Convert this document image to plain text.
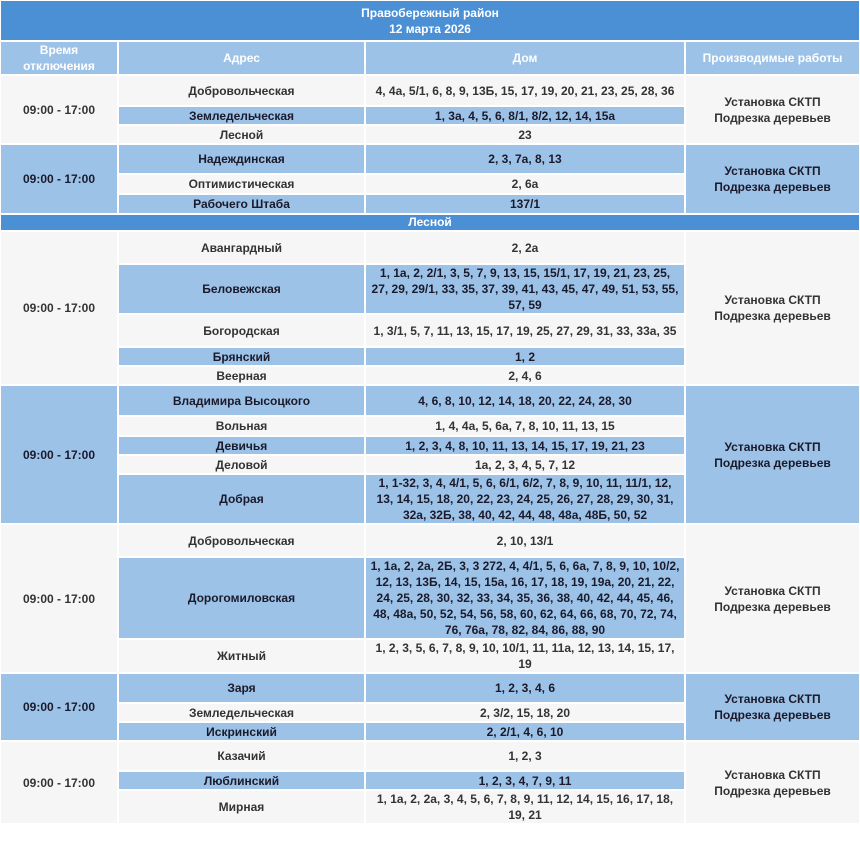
Правобережный район
12 марта 2026			

Время отключения	Адрес	Дом	Производимые работы
09:00 - 17:00	Добровольческая	4, 4а, 5/1, 6, 8, 9, 13Б, 15, 17, 19, 20, 21, 23, 25, 28, 36	Установка СКТП
Подрезка деревьев

	Земледельческая	1, 3а, 4, 5, 6, 8/1, 8/2, 12, 14, 15а	
	Лесной	23	
09:00 - 17:00	Надеждинская	2, 3, 7а, 8, 13	Установка СКТП
Подрезка деревьев

	Оптимистическая	2, 6а	
	Рабочего Штаба	137/1	
Лесной			
09:00 - 17:00	Авангардный	2, 2а	Установка СКТП
Подрезка деревьев

	Беловежская	1, 1а, 2, 2/1, 3, 5, 7, 9, 13, 15, 15/1, 17, 19, 21, 23, 25, 27, 29, 29/1, 33, 35, 37, 39, 41, 43, 45, 47, 49, 51, 53, 55, 57, 59	
	Богородская	1, 3/1, 5, 7, 11, 13, 15, 17, 19, 25, 27, 29, 31, 33, 33а, 35	
	Брянский	1, 2	
	Веерная	2, 4, 6	
09:00 - 17:00	Владимира Высоцкого	4, 6, 8, 10, 12, 14, 18, 20, 22, 24, 28, 30	Установка СКТП
Подрезка деревьев

	Вольная	1, 4, 4а, 5, 6а, 7, 8, 10, 11, 13, 15	
	Девичья	1, 2, 3, 4, 8, 10, 11, 13, 14, 15, 17, 19, 21, 23	
	Деловой	1а, 2, 3, 4, 5, 7, 12	
	Добрая	1, 1-32, 3, 4, 4/1, 5, 6, 6/1, 6/2, 7, 8, 9, 10, 11, 11/1, 12, 13, 14, 15, 18, 20, 22, 23, 24, 25, 26, 27, 28, 29, 30, 31, 32а, 32Б, 38, 40, 42, 44, 48, 48а, 48Б, 50, 52	
09:00 - 17:00	Добровольческая	2, 10, 13/1	Установка СКТП
Подрезка деревьев

	Дорогомиловская	1, 1а, 2, 2а, 2Б, 3, 3 272, 4, 4/1, 5, 6, 6а, 7, 8, 9, 10, 10/2, 12, 13, 13Б, 14, 15, 15а, 16, 17, 18, 19, 19а, 20, 21, 22, 24, 25, 28, 30, 32, 33, 34, 35, 36, 38, 40, 42, 44, 45, 46, 48, 48а, 50, 52, 54, 56, 58, 60, 62, 64, 66, 68, 70, 72, 74, 76, 76а, 78, 82, 84, 86, 88, 90	
	Житный	1, 2, 3, 5, 6, 7, 8, 9, 10, 10/1, 11, 11а, 12, 13, 14, 15, 17, 19	
09:00 - 17:00	Заря	1, 2, 3, 4, 6	Установка СКТП
Подрезка деревьев

	Земледельческая	2, 3/2, 15, 18, 20	
	Искринский	2, 2/1, 4, 6, 10	
09:00 - 17:00	Казачий	1, 2, 3	Установка СКТП
Подрезка деревьев

	Люблинский	1, 2, 3, 4, 7, 9, 11	
	Мирная	1, 1а, 2, 2а, 3, 4, 5, 6, 7, 8, 9, 11, 12, 14, 15, 16, 17, 18, 19, 21	
